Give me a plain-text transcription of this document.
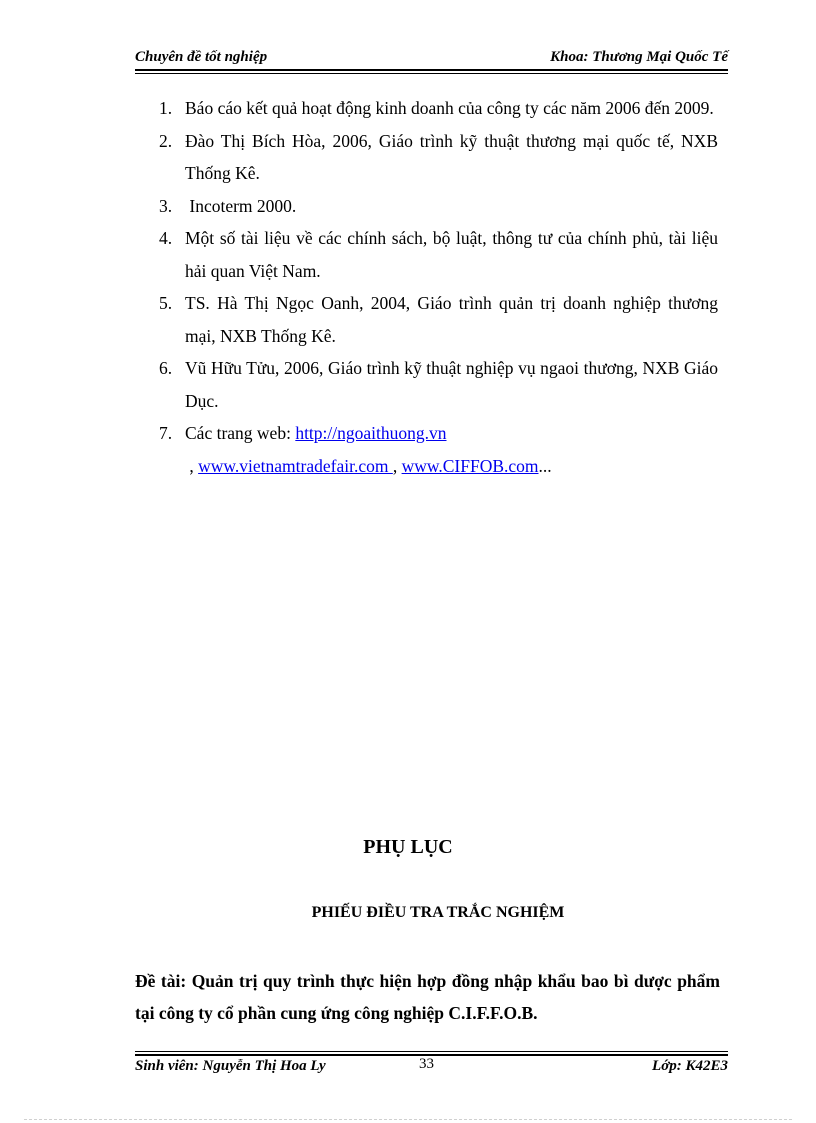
Chuyên đề tốt nghiệp	Khoa: Thương Mại Quốc Tế
1. Báo cáo kết quả hoạt động kinh doanh của công ty các năm 2006 đến 2009.
2. Đào Thị Bích Hòa, 2006, Giáo trình kỹ thuật thương mại quốc tế, NXB Thống Kê.
3. Incoterm 2000.
4. Một số tài liệu về các chính sách, bộ luật, thông tư của chính phủ, tài liệu hải quan Việt Nam.
5. TS. Hà Thị Ngọc Oanh, 2004, Giáo trình quản trị doanh nghiệp thương mại, NXB Thống Kê.
6. Vũ Hữu Tửu, 2006, Giáo trình kỹ thuật nghiệp vụ ngaoi thương, NXB Giáo Dục.
7. Các trang web: http://ngoaithuong.vn , www.vietnamtradefair.com , www.CIFFOB.com...
PHỤ LỤC
PHIẾU ĐIỀU TRA TRẮC NGHIỆM
Đề tài: Quản trị quy trình thực hiện hợp đồng nhập khẩu bao bì dược phẩm tại công ty cổ phần cung ứng công nghiệp C.I.F.F.O.B.
Sinh viên: Nguyễn Thị Hoa Ly	33	Lớp: K42E3
